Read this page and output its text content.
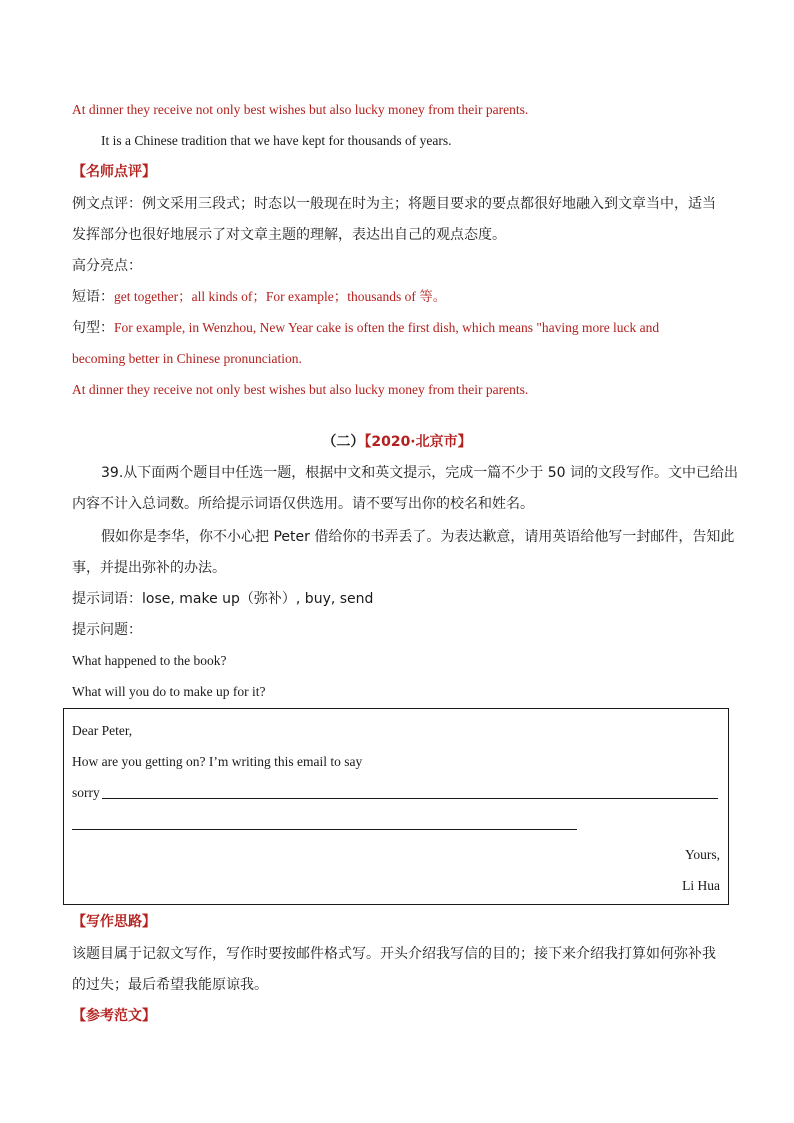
At dinner they receive not only best wishes but also lucky money from their parents.
It is a Chinese tradition that we have kept for thousands of years.
【名师点评】
例文点评：例文采用三段式；时态以一般现在时为主；将题目要求的要点都很好地融入到文章当中，适当
发挥部分也很好地展示了对文章主题的理解，表达出自己的观点态度。
高分亮点：
短语：get together；all kinds of；For example；thousands of 等。
句型：For example, in Wenzhou, New Year cake is often the first dish, which means "having more luck and
becoming better in Chinese pronunciation.
At dinner they receive not only best wishes but also lucky money from their parents.
（二）【2020·北京市】
39.从下面两个题目中任选一题，根据中文和英文提示，完成一篇不少于 50 词的文段写作。文中已给出
内容不计入总词数。所给提示词语仅供选用。请不要写出你的校名和姓名。
假如你是李华，你不小心把 Peter 借给你的书弄丢了。为表达歉意，请用英语给他写一封邮件，告知此
事，并提出弥补的办法。
提示词语：lose, make up（弥补）, buy, send
提示问题：
What happened to the book?
What will you do to make up for it?
Dear Peter,
How are you getting on? I’m writing this email to say
sorry
Yours,
Li Hua
【写作思路】
该题目属于记叙文写作，写作时要按邮件格式写。开头介绍我写信的目的；接下来介绍我打算如何弥补我
的过失；最后希望我能原谅我。
【参考范文】
